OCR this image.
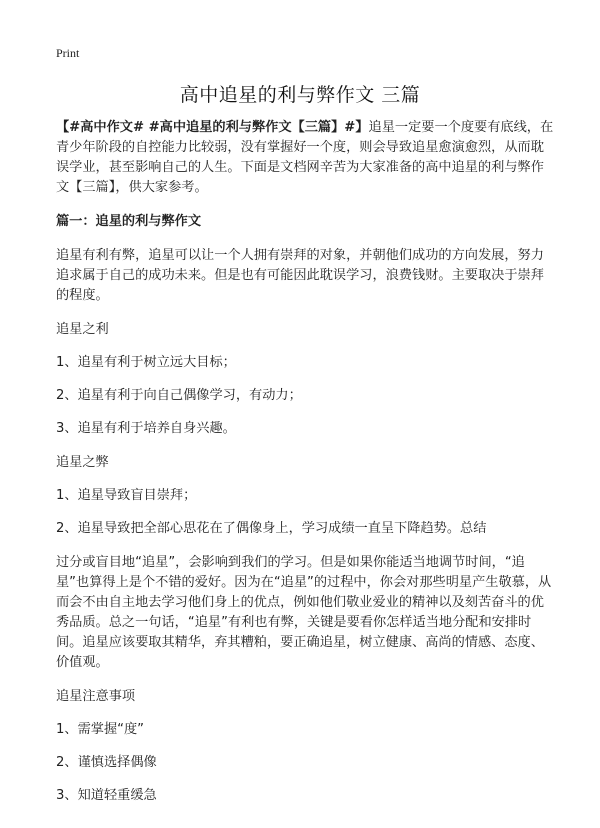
Print
高中追星的利与弊作文 三篇

【#高中作文# #高中追星的利与弊作文【三篇】#】追星一定要一个度要有底线，在青少年阶段的自控能力比较弱，没有掌握好一个度，则会导致追星愈演愈烈，从而耽误学业，甚至影响自己的人生。下面是文档网辛苦为大家准备的高中追星的利与弊作文【三篇】，供大家参考。

篇一：追星的利与弊作文

追星有利有弊，追星可以让一个人拥有崇拜的对象，并朝他们成功的方向发展，努力追求属于自己的成功未来。但是也有可能因此耽误学习，浪费钱财。主要取决于崇拜的程度。

追星之利

1、追星有利于树立远大目标；

2、追星有利于向自己偶像学习，有动力；

3、追星有利于培养自身兴趣。

追星之弊

1、追星导致盲目崇拜；

2、追星导致把全部心思花在了偶像身上，学习成绩一直呈下降趋势。总结

过分或盲目地“追星”，会影响到我们的学习。但是如果你能适当地调节时间，“追星”也算得上是个不错的爱好。因为在“追星”的过程中，你会对那些明星产生敬慕，从而会不由自主地去学习他们身上的优点，例如他们敬业爱业的精神以及刻苦奋斗的优秀品质。总之一句话，“追星”有利也有弊，关键是要看你怎样适当地分配和安排时间。追星应该要取其精华，弃其糟粕，要正确追星，树立健康、高尚的情感、态度、价值观。

追星注意事项

1、需掌握“度”

2、谨慎选择偶像

3、知道轻重缓急
